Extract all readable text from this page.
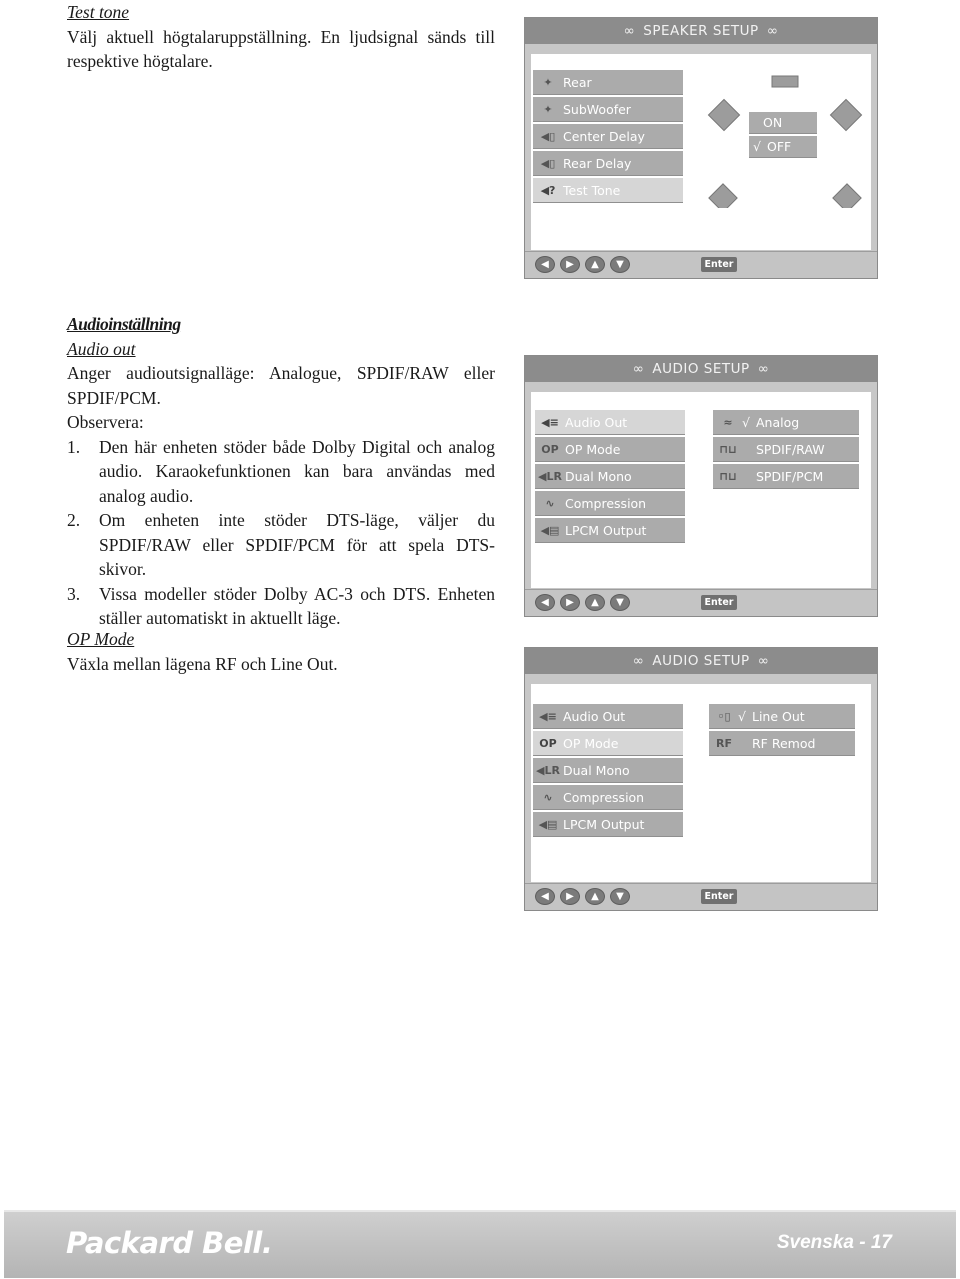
Test tone

Välj aktuell högtalaruppställning. En ljudsignal sänds till respektive högtalare.

Audioinställning

Audio out

Anger audioutsignalläge: Analogue, SPDIF/RAW eller SPDIF/PCM.

Observera:

1. Den här enheten stöder både Dolby Digital och analog audio. Karaokefunktionen kan bara användas med analog audio.
2. Om enheten inte stöder DTS-läge, väljer du SPDIF/RAW eller SPDIF/PCM för att spela DTS-skivor.
3. Vissa modeller stöder Dolby AC-3 och DTS. Enheten ställer automatiskt in aktuellt läge.

OP Mode

Växla mellan lägena RF och Line Out.

∞ SPEAKER SETUP ∞
✦ Rear
✦ SubWoofer
◀▯ Center Delay
◀▯ Rear Delay
◀? Test Tone
ON
√ OFF
◀	▶	▲	▼	Enter
∞ AUDIO SETUP ∞
◀≡ Audio Out
OP OP Mode
◀LR Dual Mono
∿ Compression
◀▤ LPCM Output
≈ √ Analog
⊓⊔ SPDIF/RAW
⊓⊔ SPDIF/PCM
◀	▶	▲	▼	Enter
∞ AUDIO SETUP ∞
◀≡ Audio Out
OP OP Mode
◀LR Dual Mono
∿ Compression
◀▤ LPCM Output
◦▯ √ Line Out
RF RF Remod
◀	▶	▲	▼	Enter
Packard Bell.	Svenska - 17
